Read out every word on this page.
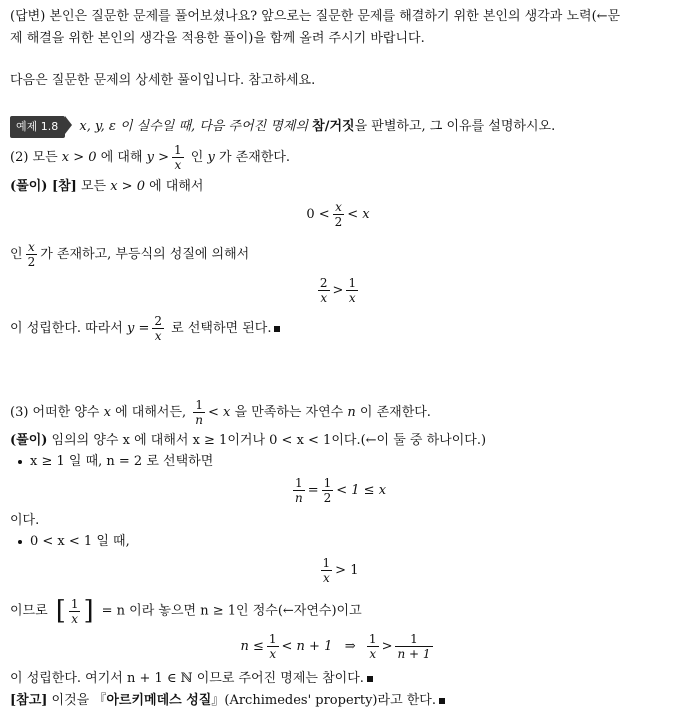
(답변) 본인은 질문한 문제를 풀어보셨나요? 앞으로는 질문한 문제를 해결하기 위한 본인의 생각과 노력(←문
제 해결을 위한 본인의 생각을 적용한 풀이)을 함께 올려 주시기 바랍니다.
다음은 질문한 문제의 상세한 풀이입니다. 참고하세요.
예제 1.8 x, y, ε 이 실수일 때, 다음 주어진 명제의 참/거짓을 판별하고, 그 이유를 설명하시오.
(2) 모든 x > 0 에 대해 $y > \frac{1}{x}$ 인 y 가 존재한다.
(풀이) [참] 모든 x > 0 에 대해서
$0 < \frac{x}{2} < x$
인 $\frac{x}{2}$ 가 존재하고, 부등식의 성질에 의해서
$\frac{2}{x} > \frac{1}{x}$
이 성립한다. 따라서 $y = \frac{2}{x}$ 로 선택하면 된다.
(3) 어떠한 양수 x 에 대해서든, $\frac{1}{n} < x$ 을 만족하는 자연수 n 이 존재한다.
(풀이) 임의의 양수 x 에 대해서 x ≥ 1이거나 0 < x < 1이다.(←이 둘 중 하나이다.)
x ≥ 1 일 때, n = 2 로 선택하면
$\frac{1}{n} = \frac{1}{2} < 1 \le x$
이다.
0 < x < 1 일 때,
$\frac{1}{x} > 1$
이므로 [ $\frac{1}{x}$ ] = n 이라 놓으면 n ≥ 1인 정수(←자연수)이고
$n \le \frac{1}{x} < n + 1$   ⇒ $\frac{1}{x} > \frac{1}{n + 1}$
이 성립한다. 여기서 n + 1 ∈ ℕ 이므로 주어진 명제는 참이다.
[참고] 이것을 『아르키메데스 성질』(Archimedes' property)라고 한다.
